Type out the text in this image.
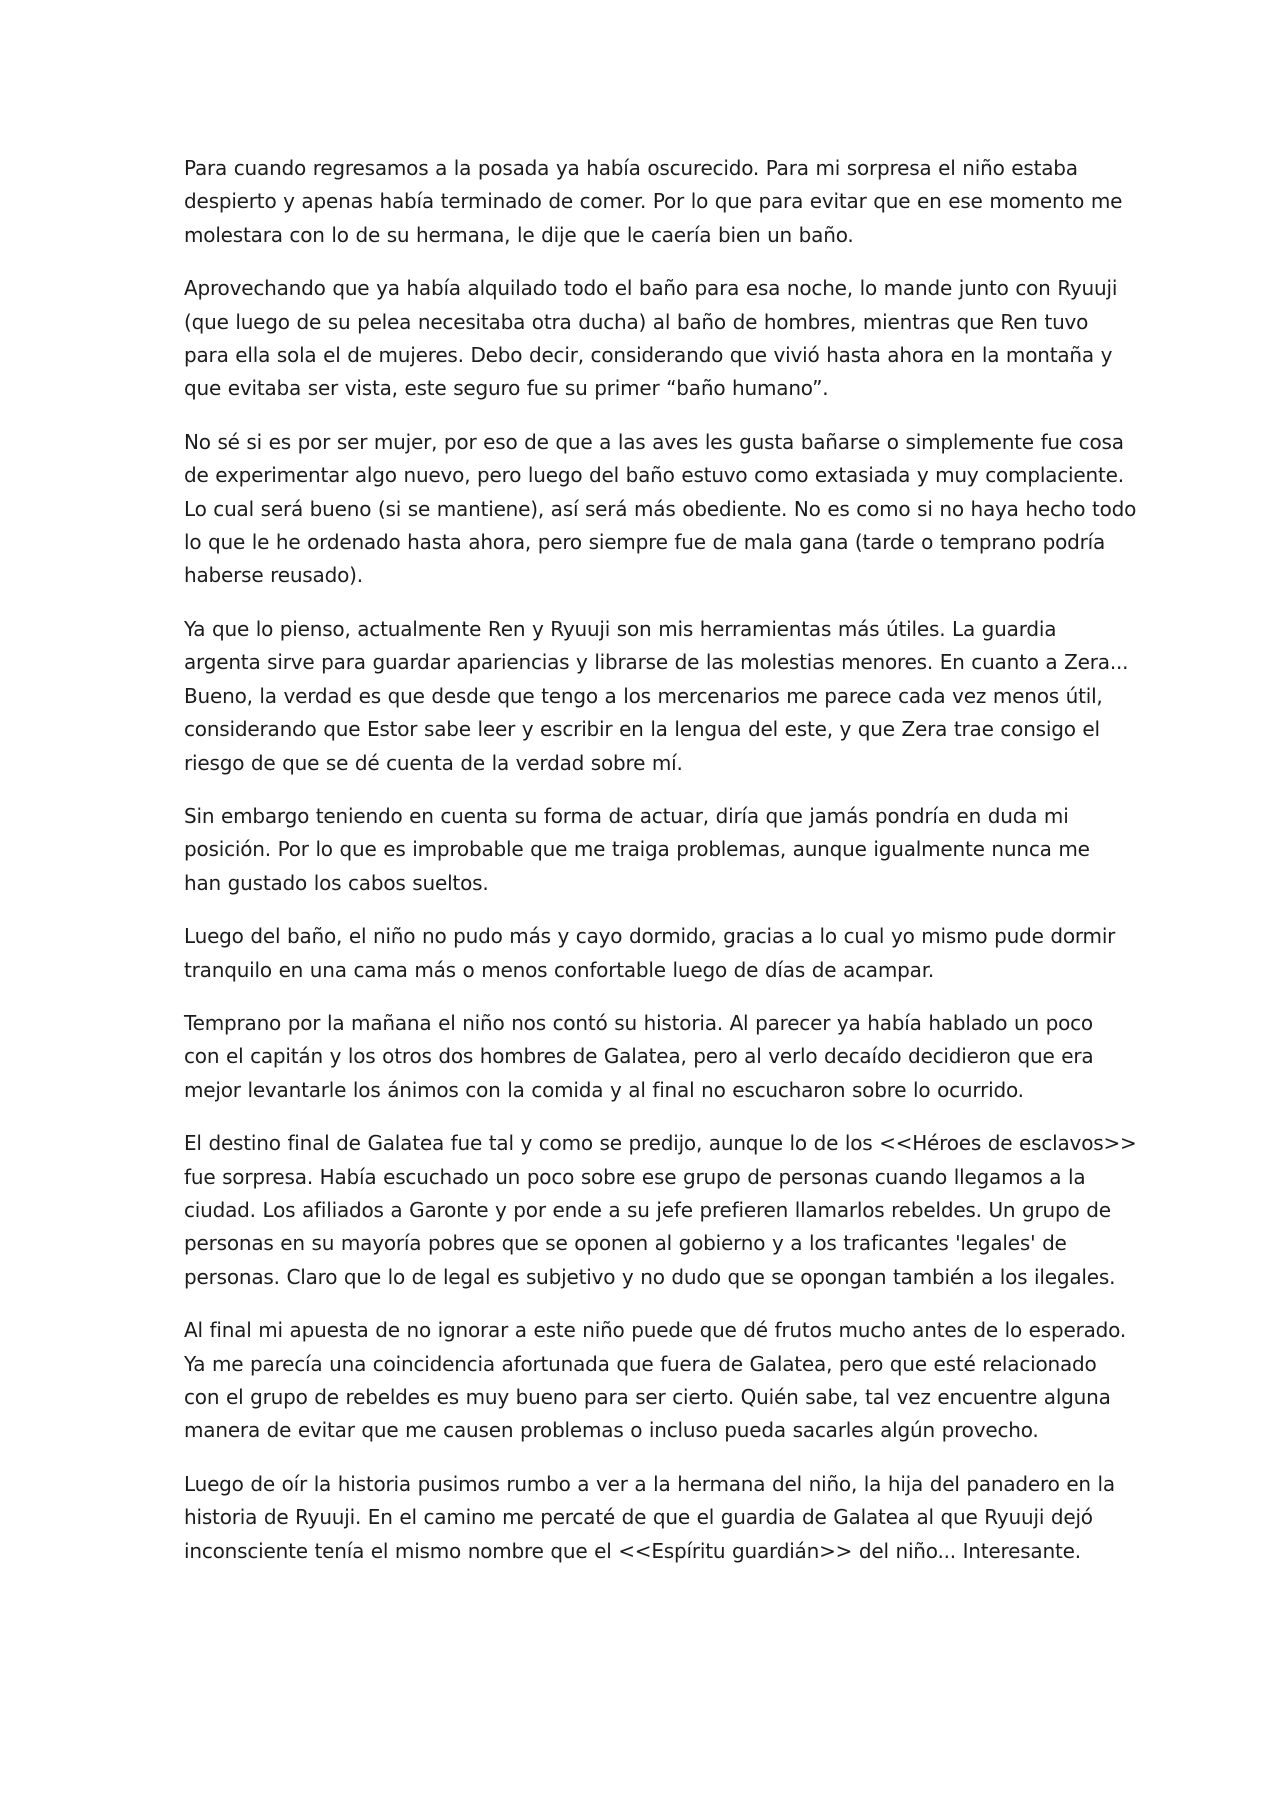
Para cuando regresamos a la posada ya había oscurecido. Para mi sorpresa el niño estaba
despierto y apenas había terminado de comer. Por lo que para evitar que en ese momento me
molestara con lo de su hermana, le dije que le caería bien un baño.

Aprovechando que ya había alquilado todo el baño para esa noche, lo mande junto con Ryuuji
(que luego de su pelea necesitaba otra ducha) al baño de hombres, mientras que Ren tuvo
para ella sola el de mujeres. Debo decir, considerando que vivió hasta ahora en la montaña y
que evitaba ser vista, este seguro fue su primer “baño humano”.

No sé si es por ser mujer, por eso de que a las aves les gusta bañarse o simplemente fue cosa
de experimentar algo nuevo, pero luego del baño estuvo como extasiada y muy complaciente.
Lo cual será bueno (si se mantiene), así será más obediente. No es como si no haya hecho todo
lo que le he ordenado hasta ahora, pero siempre fue de mala gana (tarde o temprano podría
haberse reusado).

Ya que lo pienso, actualmente Ren y Ryuuji son mis herramientas más útiles. La guardia
argenta sirve para guardar apariencias y librarse de las molestias menores. En cuanto a Zera...
Bueno, la verdad es que desde que tengo a los mercenarios me parece cada vez menos útil,
considerando que Estor sabe leer y escribir en la lengua del este, y que Zera trae consigo el
riesgo de que se dé cuenta de la verdad sobre mí.

Sin embargo teniendo en cuenta su forma de actuar, diría que jamás pondría en duda mi
posición. Por lo que es improbable que me traiga problemas, aunque igualmente nunca me
han gustado los cabos sueltos.

Luego del baño, el niño no pudo más y cayo dormido, gracias a lo cual yo mismo pude dormir
tranquilo en una cama más o menos confortable luego de días de acampar.

Temprano por la mañana el niño nos contó su historia. Al parecer ya había hablado un poco
con el capitán y los otros dos hombres de Galatea, pero al verlo decaído decidieron que era
mejor levantarle los ánimos con la comida y al final no escucharon sobre lo ocurrido.

El destino final de Galatea fue tal y como se predijo, aunque lo de los <<Héroes de esclavos>>
fue sorpresa. Había escuchado un poco sobre ese grupo de personas cuando llegamos a la
ciudad. Los afiliados a Garonte y por ende a su jefe prefieren llamarlos rebeldes. Un grupo de
personas en su mayoría pobres que se oponen al gobierno y a los traficantes 'legales' de
personas. Claro que lo de legal es subjetivo y no dudo que se opongan también a los ilegales.

Al final mi apuesta de no ignorar a este niño puede que dé frutos mucho antes de lo esperado.
Ya me parecía una coincidencia afortunada que fuera de Galatea, pero que esté relacionado
con el grupo de rebeldes es muy bueno para ser cierto. Quién sabe, tal vez encuentre alguna
manera de evitar que me causen problemas o incluso pueda sacarles algún provecho.

Luego de oír la historia pusimos rumbo a ver a la hermana del niño, la hija del panadero en la
historia de Ryuuji. En el camino me percaté de que el guardia de Galatea al que Ryuuji dejó
inconsciente tenía el mismo nombre que el <<Espíritu guardián>> del niño... Interesante.
